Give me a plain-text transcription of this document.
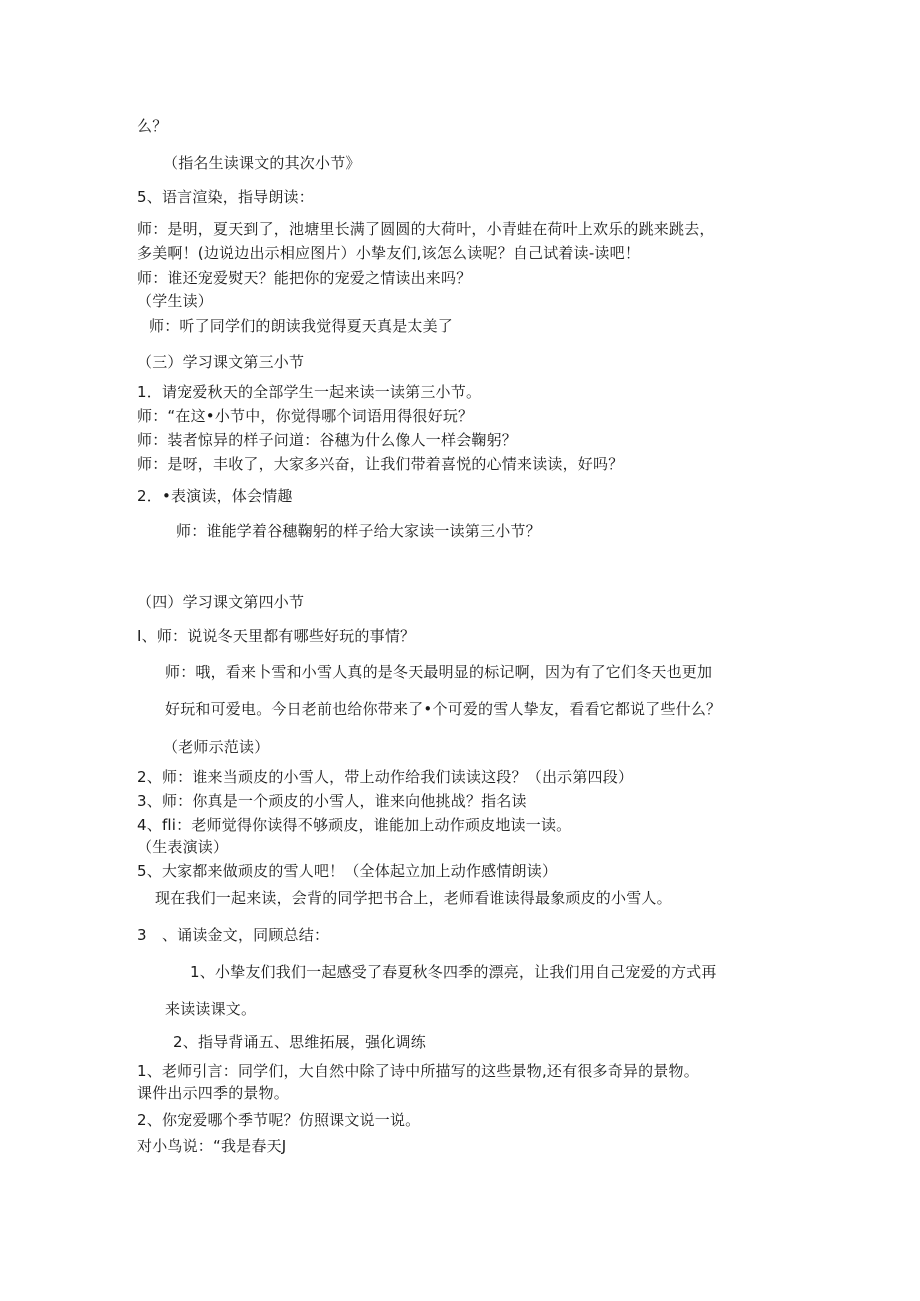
么？
（指名生读课文的其次小节》
5、语言渲染，指导朗读：
师：是明，夏天到了，池塘里长满了圆圆的大荷叶，小青蛙在荷叶上欢乐的跳来跳去，
多美啊！(边说边出示相应图片）小挚友们,该怎么读呢？自己试着读-读吧！
师：谁还宠爱熨天？能把你的宠爱之情读出来吗？
（学生读）
师：听了同学们的朗读我觉得夏天真是太美了
（三）学习课文第三小节
1．请宠爱秋天的全部学生一起来读一读第三小节。
师：“在这•小节中，你觉得哪个词语用得很好玩？
师：装者惊异的样子问道：谷穗为什么像人一样会鞠躬？
师：是呀，丰收了，大家多兴奋，让我们带着喜悦的心情来读读，好吗？
2．•表演读，体会情趣
师：谁能学着谷穗鞠躬的样子给大家读一读第三小节？
（四）学习课文第四小节
I、师：说说冬天里都有哪些好玩的事情？
师：哦，看来卜雪和小雪人真的是冬天最明显的标记啊，因为有了它们冬天也更加
好玩和可爱电。今日老前也给你带来了•个可爱的雪人挚友，看看它都说了些什么？
（老师示范读）
2、师：谁来当顽皮的小雪人，带上动作给我们读读这段？（出示第四段）
3、师：你真是一个顽皮的小雪人，谁来向他挑战？指名读
4、fli：老师觉得你读得不够顽皮，谁能加上动作顽皮地读一读。
（生表演读）
5、大家都来做顽皮的雪人吧！（全体起立加上动作感情朗读）
现在我们一起来读，会背的同学把书合上，老师看谁读得最象顽皮的小雪人。
3　、诵读金文，同顾总结：
1、小挚友们我们一起感受了春夏秋冬四季的漂亮，让我们用自己宠爱的方式再
来读读课文。
2、指导背诵五、思维拓展，强化调练
1、老师引言：同学们，大自然中除了诗中所描写的这些景物,还有很多奇异的景物。
课件出示四季的景物。
2、你宠爱哪个季节呢？仿照课文说一说。
对小鸟说：“我是春天J
